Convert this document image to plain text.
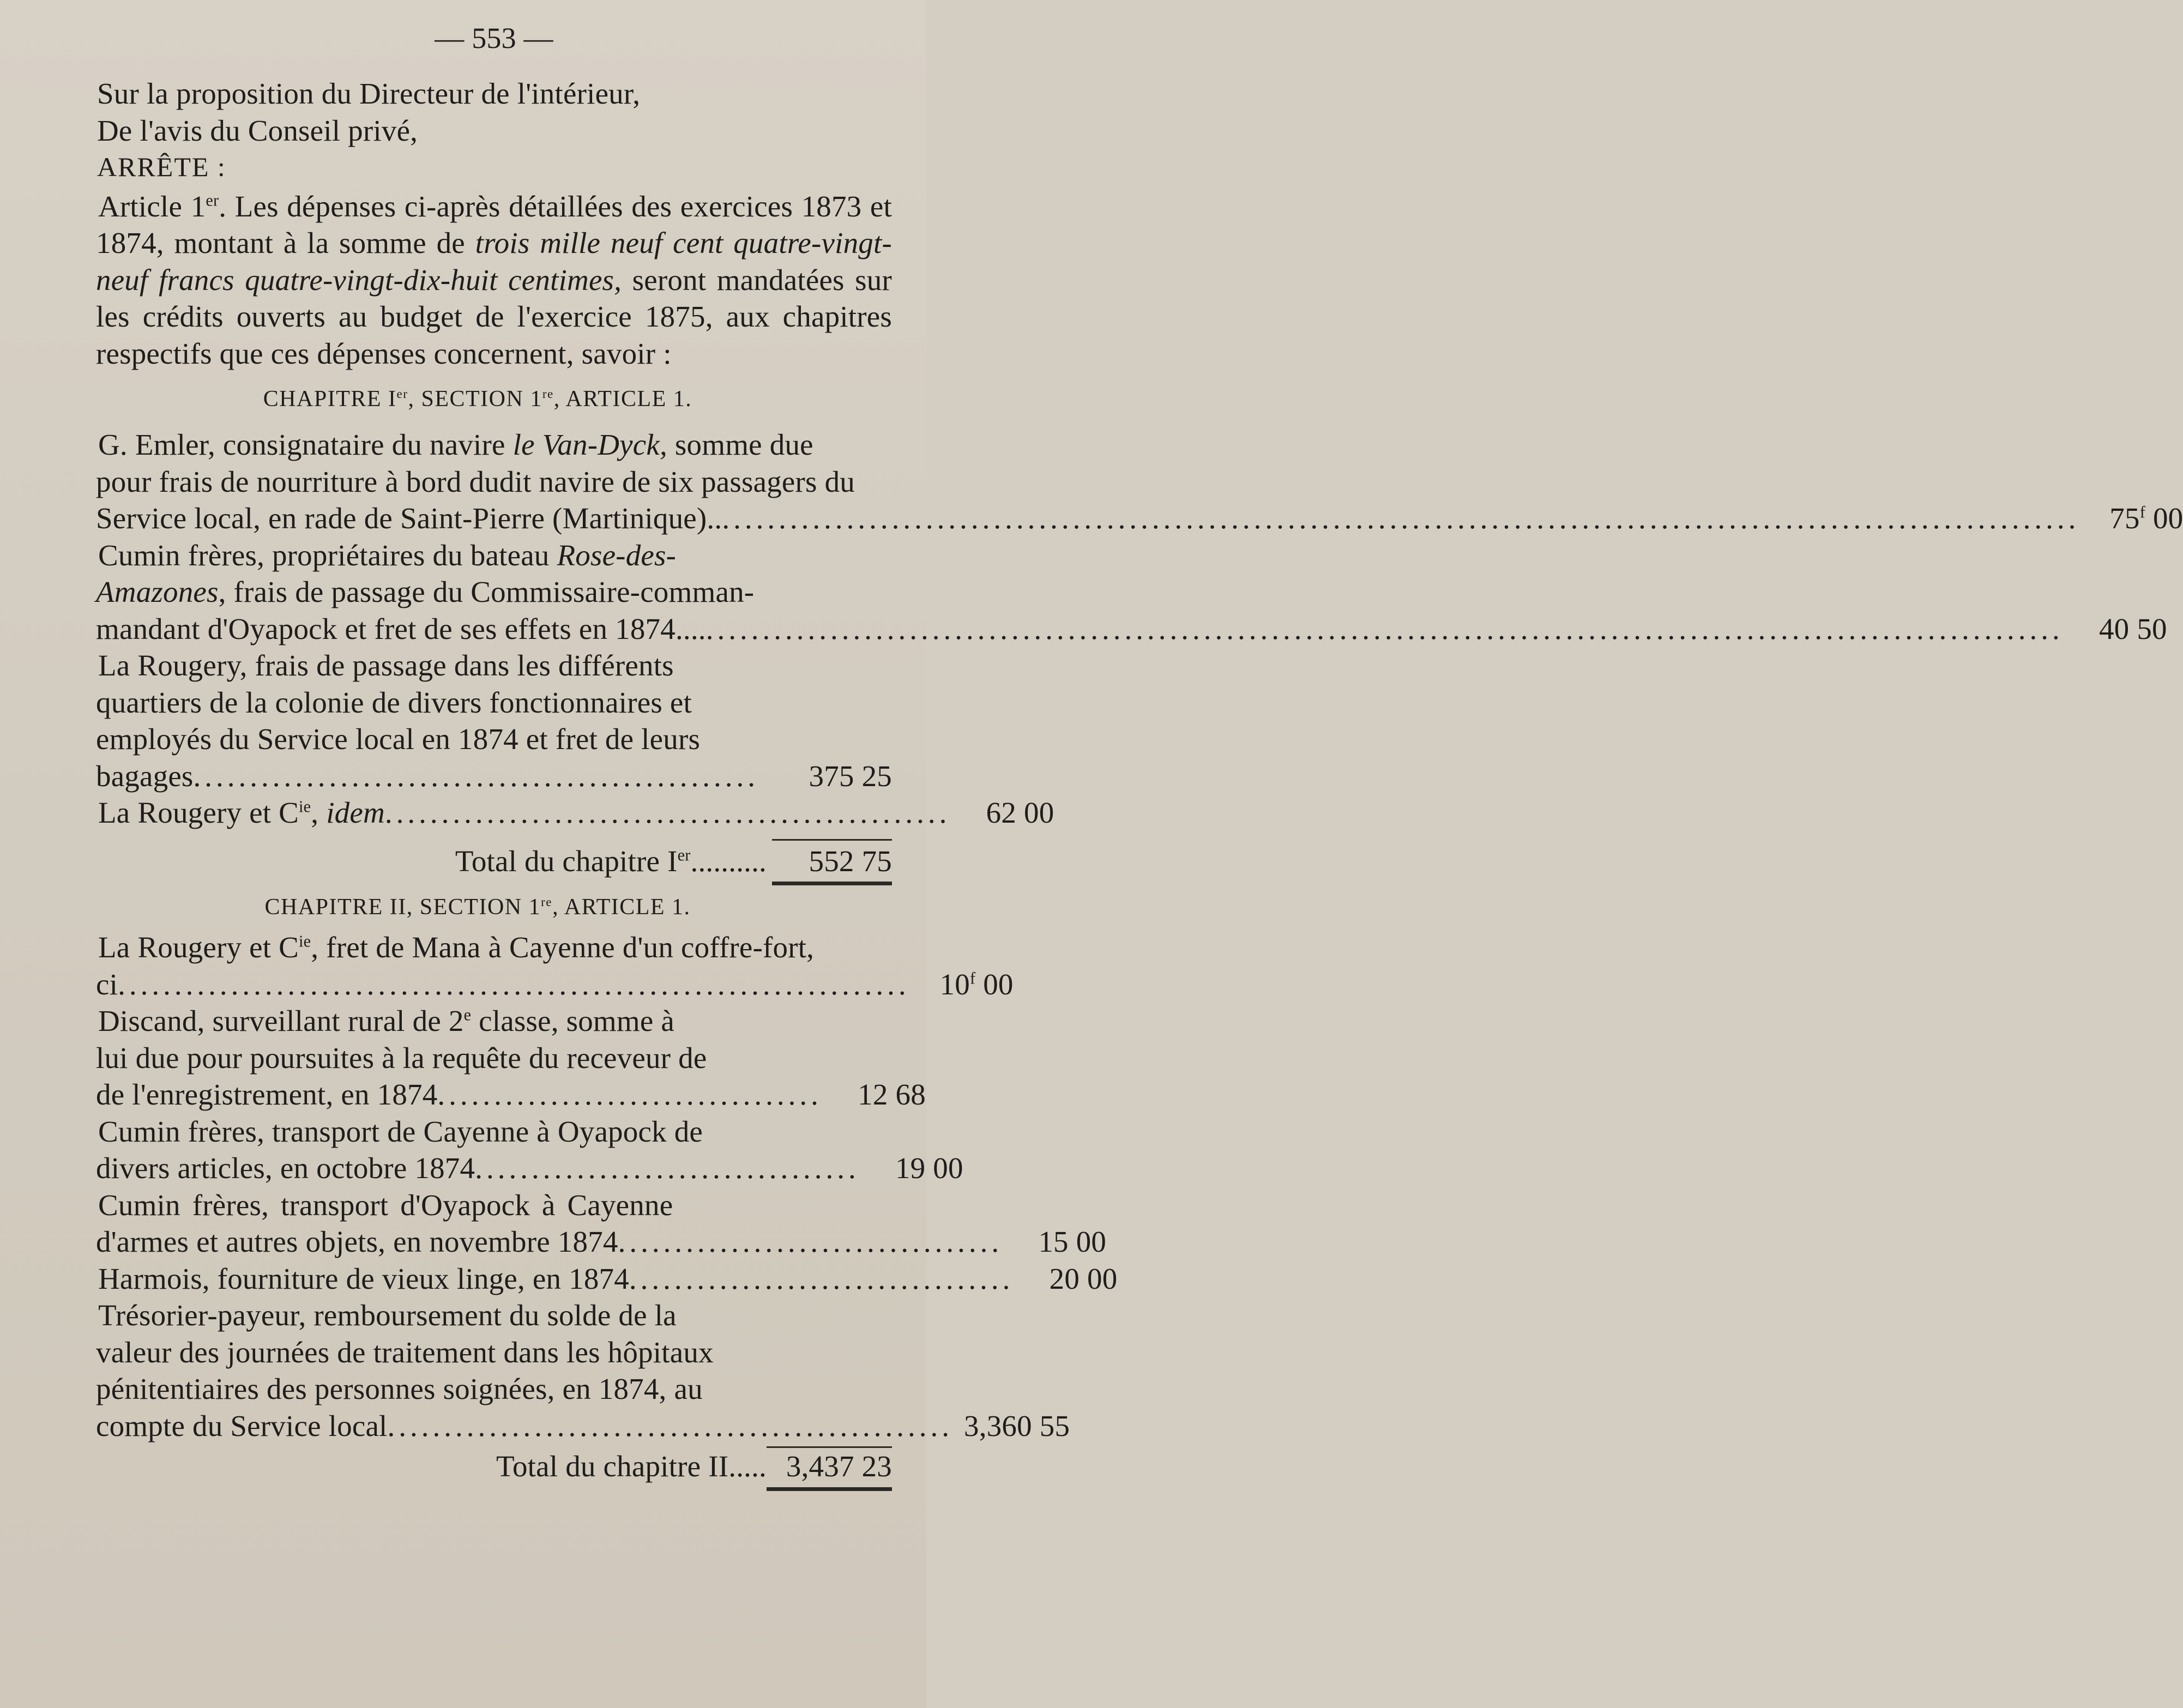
— 553 —

Sur la proposition du Directeur de l'intérieur,

De l'avis du Conseil privé,

ARRÊTE :

Article 1er. Les dépenses ci-après détaillées des exercices 1873 et 1874, montant à la somme de trois mille neuf cent quatre-vingt-neuf francs quatre-vingt-dix-huit centimes, seront mandatées sur les crédits ouverts au budget de l'exercice 1875, aux chapitres respectifs que ces dépenses concernent, savoir :

CHAPITRE Ier, SECTION 1re, ARTICLE 1.
G. Emler, consignataire du navire le Van-Dyck, somme due
pour frais de nourriture à bord dudit navire de six passagers du
Service local, en rade de Saint-Pierre (Martinique).. ........................................................................................................................ 75$^f$ 00
Cumin frères, propriétaires du bateau Rose-des-
Amazones, frais de passage du Commissaire-comman-
mandant d'Oyapock et fret de ses effets en 1874.... ........................................................................................................................	40 50
La Rougery, frais de passage dans les différents
quartiers de la colonie de divers fonctionnaires et
employés du Service local en 1874 et fret de leurs
bagages ..................................................	375 25
La Rougery et $C^{ie}$, idem ..................................................	62 00
Total du chapitre Ier..........	552 75
CHAPITRE II, SECTION 1re, ARTICLE 1.
La Rougery et $C^{ie}$, fret de Mana à Cayenne d'un coffre-fort,
ci ...................................................................... 10$^f$ 00
Discand, surveillant rural de 2e classe, somme à
lui due pour poursuites à la requête du receveur de
de l'enregistrement, en 1874 ..................................	12 68
Cumin frères, transport de Cayenne à Oyapock de
divers articles, en octobre 1874 ..................................	19 00
Cumin frères, transport d'Oyapock à Cayenne
d'armes et autres objets, en novembre 1874 ..................................	15 00
Harmois, fourniture de vieux linge, en 1874 ..................................	20 00
Trésorier-payeur, remboursement du solde de la
valeur des journées de traitement dans les hôpitaux
pénitentiaires des personnes soignées, en 1874, au
compte du Service local .................................................. 3,360 55
Total du chapitre II..... 3,437 23
